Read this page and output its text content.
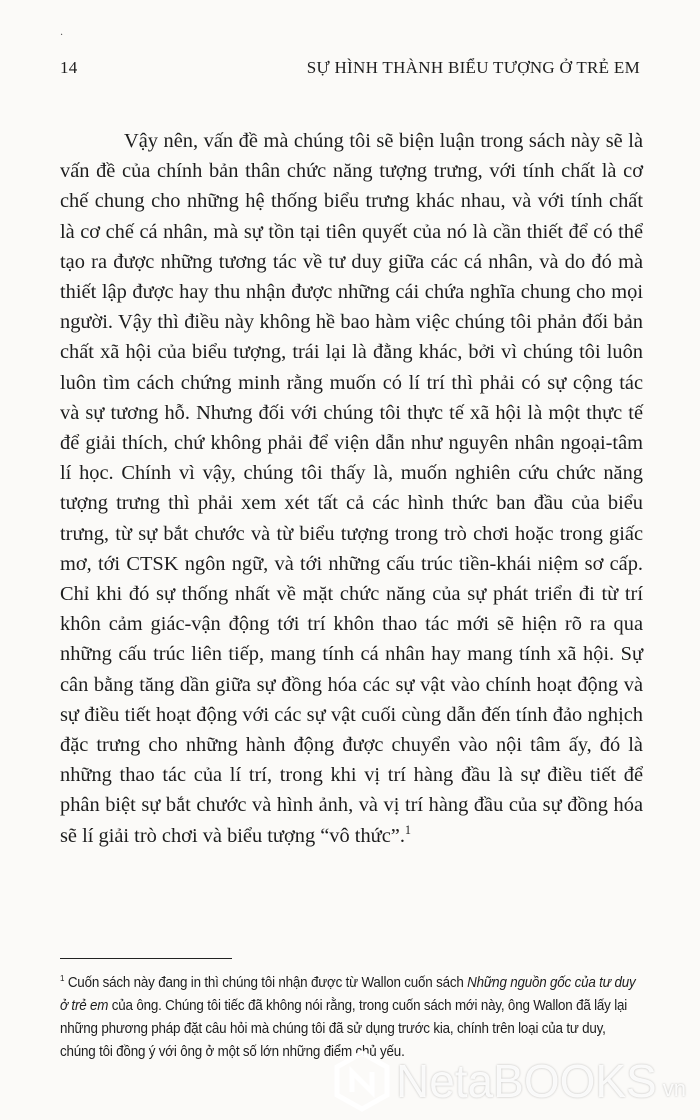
·
14	SỰ HÌNH THÀNH BIỂU TƯỢNG Ở TRẺ EM
Vậy nên, vấn đề mà chúng tôi sẽ biện luận trong sách này sẽ là vấn đề của chính bản thân chức năng tượng trưng, với tính chất là cơ chế chung cho những hệ thống biểu trưng khác nhau, và với tính chất là cơ chế cá nhân, mà sự tồn tại tiên quyết của nó là cần thiết để có thể tạo ra được những tương tác về tư duy giữa các cá nhân, và do đó mà thiết lập được hay thu nhận được những cái chứa nghĩa chung cho mọi người. Vậy thì điều này không hề bao hàm việc chúng tôi phản đối bản chất xã hội của biểu tượng, trái lại là đằng khác, bởi vì chúng tôi luôn luôn tìm cách chứng minh rằng muốn có lí trí thì phải có sự cộng tác và sự tương hỗ. Nhưng đối với chúng tôi thực tế xã hội là một thực tế để giải thích, chứ không phải để viện dẫn như nguyên nhân ngoại-tâm lí học. Chính vì vậy, chúng tôi thấy là, muốn nghiên cứu chức năng tượng trưng thì phải xem xét tất cả các hình thức ban đầu của biểu trưng, từ sự bắt chước và từ biểu tượng trong trò chơi hoặc trong giấc mơ, tới CTSK ngôn ngữ, và tới những cấu trúc tiền-khái niệm sơ cấp. Chỉ khi đó sự thống nhất về mặt chức năng của sự phát triển đi từ trí khôn cảm giác-vận động tới trí khôn thao tác mới sẽ hiện rõ ra qua những cấu trúc liên tiếp, mang tính cá nhân hay mang tính xã hội. Sự cân bằng tăng dần giữa sự đồng hóa các sự vật vào chính hoạt động và sự điều tiết hoạt động với các sự vật cuối cùng dẫn đến tính đảo nghịch đặc trưng cho những hành động được chuyển vào nội tâm ấy, đó là những thao tác của lí trí, trong khi vị trí hàng đầu là sự điều tiết để phân biệt sự bắt chước và hình ảnh, và vị trí hàng đầu của sự đồng hóa sẽ lí giải trò chơi và biểu tượng “vô thức”.$^1$
$^1$ Cuốn sách này đang in thì chúng tôi nhận được từ Wallon cuốn sách Những nguồn gốc của tư duy ở trẻ em của ông. Chúng tôi tiếc đã không nói rằng, trong cuốn sách mới này, ông Wallon đã lấy lại những phương pháp đặt câu hỏi mà chúng tôi đã sử dụng trước kia, chính trên loại của tư duy, chúng tôi đồng ý với ông ở một số lớn những điểm chủ yếu.
NetaBOOKS vn
